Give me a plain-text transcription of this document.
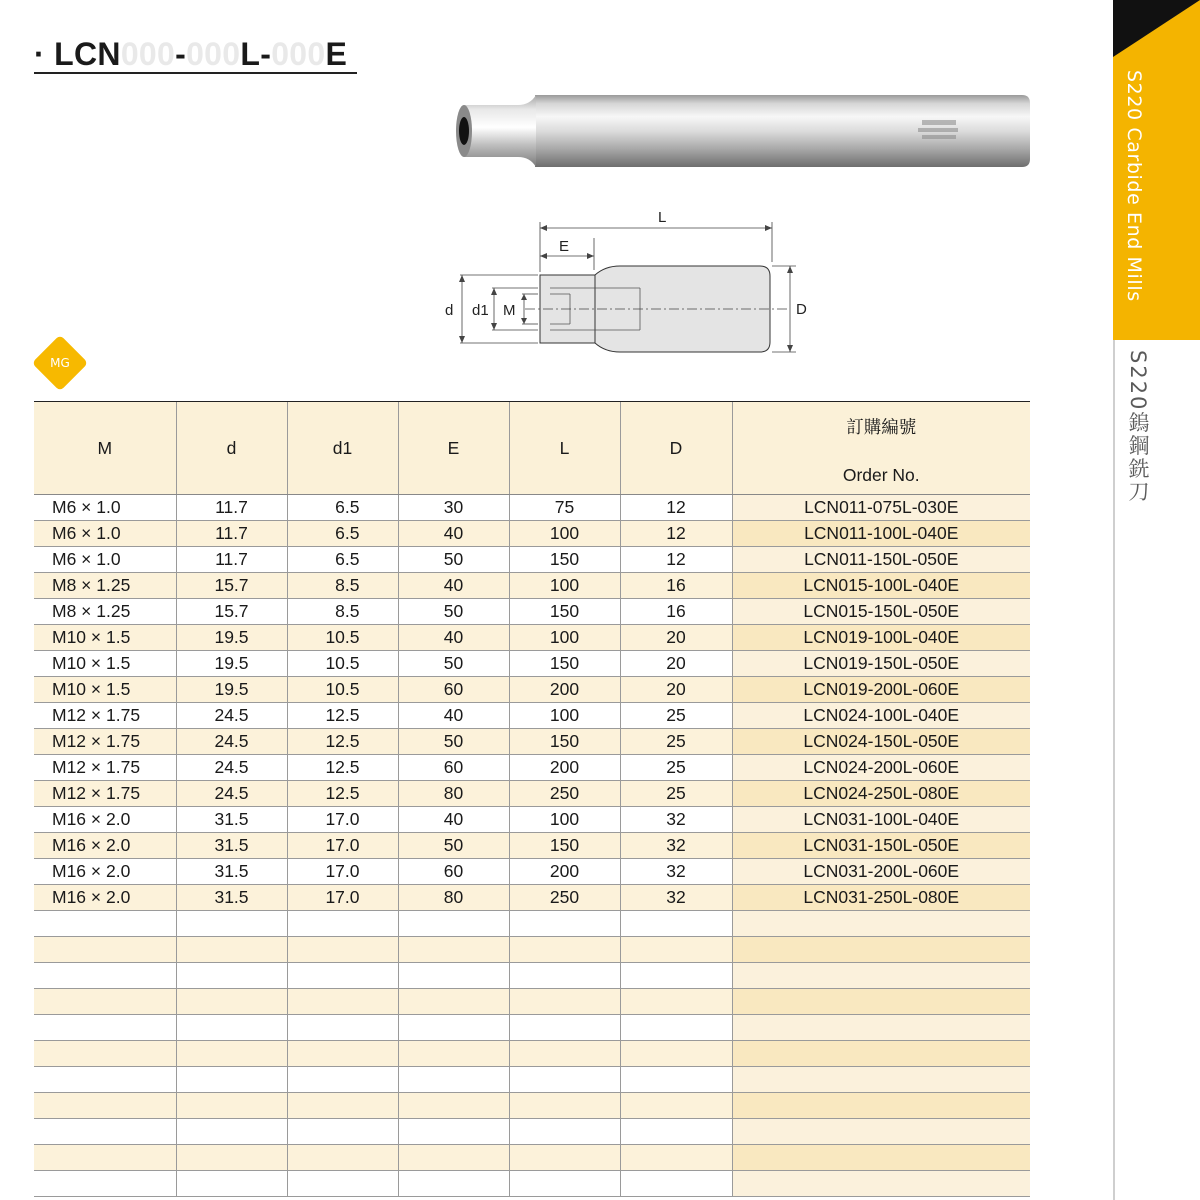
· LCN000-000L-000E
S220 Carbide End Mills
S220鎢鋼銑刀
L
E
D
d d1 M
MG
M	d	d1	E	L	D	訂購編號
Order No.

M6 × 1.0	11.7	6.5	30	75	12	LCN011-075L-030E
M6 × 1.0	11.7	6.5	40	100	12	LCN011-100L-040E
M6 × 1.0	11.7	6.5	50	150	12	LCN011-150L-050E
M8 × 1.25	15.7	8.5	40	100	16	LCN015-100L-040E
M8 × 1.25	15.7	8.5	50	150	16	LCN015-150L-050E
M10 × 1.5	19.5	10.5	40	100	20	LCN019-100L-040E
M10 × 1.5	19.5	10.5	50	150	20	LCN019-150L-050E
M10 × 1.5	19.5	10.5	60	200	20	LCN019-200L-060E
M12 × 1.75	24.5	12.5	40	100	25	LCN024-100L-040E
M12 × 1.75	24.5	12.5	50	150	25	LCN024-150L-050E
M12 × 1.75	24.5	12.5	60	200	25	LCN024-200L-060E
M12 × 1.75	24.5	12.5	80	250	25	LCN024-250L-080E
M16 × 2.0	31.5	17.0	40	100	32	LCN031-100L-040E
M16 × 2.0	31.5	17.0	50	150	32	LCN031-150L-050E
M16 × 2.0	31.5	17.0	60	200	32	LCN031-200L-060E
M16 × 2.0	31.5	17.0	80	250	32	LCN031-250L-080E
